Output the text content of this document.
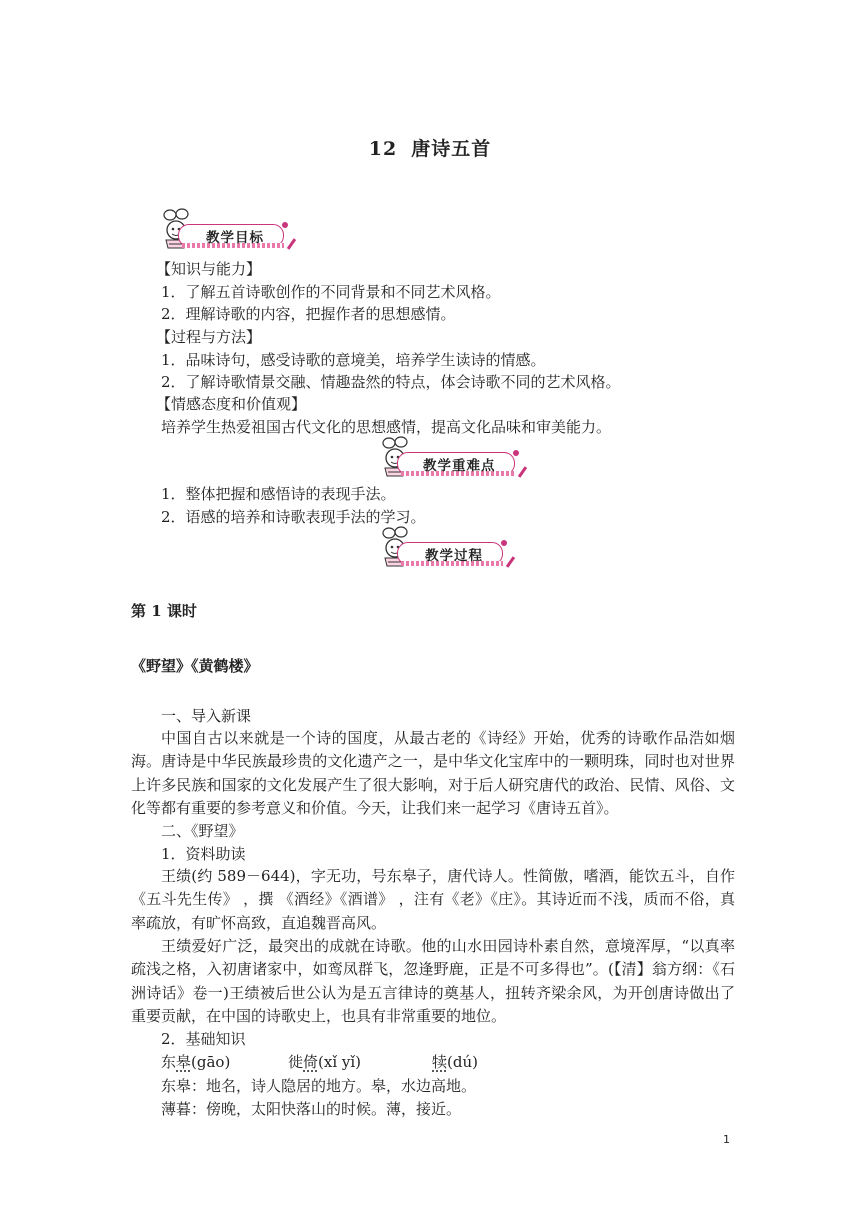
12 唐诗五首
教学目标
【知识与能力】
1．了解五首诗歌创作的不同背景和不同艺术风格。
2．理解诗歌的内容，把握作者的思想感情。
【过程与方法】
1．品味诗句，感受诗歌的意境美，培养学生读诗的情感。
2．了解诗歌情景交融、情趣盎然的特点，体会诗歌不同的艺术风格。
【情感态度和价值观】
培养学生热爱祖国古代文化的思想感情，提高文化品味和审美能力。
教学重难点
1．整体把握和感悟诗的表现手法。
2．语感的培养和诗歌表现手法的学习。
教学过程
第 1 课时
《野望》《黄鹤楼》
一、导入新课
中国自古以来就是一个诗的国度，从最古老的《诗经》开始，优秀的诗歌作品浩如烟海。唐诗是中华民族最珍贵的文化遗产之一，是中华文化宝库中的一颗明珠，同时也对世界上许多民族和国家的文化发展产生了很大影响，对于后人研究唐代的政治、民情、风俗、文化等都有重要的参考意义和价值。今天，让我们来一起学习《唐诗五首》。
二、《野望》
1．资料助读
王绩(约 589－644)，字无功，号东皋子，唐代诗人。性简傲，嗜酒，能饮五斗，自作《五斗先生传》 ，撰 《酒经》《酒谱》 ，注有《老》《庄》。其诗近而不浅，质而不俗，真率疏放，有旷怀高致，直追魏晋高风。
王绩爱好广泛，最突出的成就在诗歌。他的山水田园诗朴素自然，意境浑厚，“以真率疏浅之格，入初唐诸家中，如鸾凤群飞，忽逢野鹿，正是不可多得也”。(【清】翁方纲：《石洲诗话》卷一)王绩被后世公认为是五言律诗的奠基人，扭转齐梁余风，为开创唐诗做出了重要贡献，在中国的诗歌史上，也具有非常重要的地位。
2．基础知识
东皋(gāo)	徙倚(xǐ yǐ)	犊(dú)
东皋：地名，诗人隐居的地方。皋，水边高地。
薄暮：傍晚，太阳快落山的时候。薄，接近。
1
